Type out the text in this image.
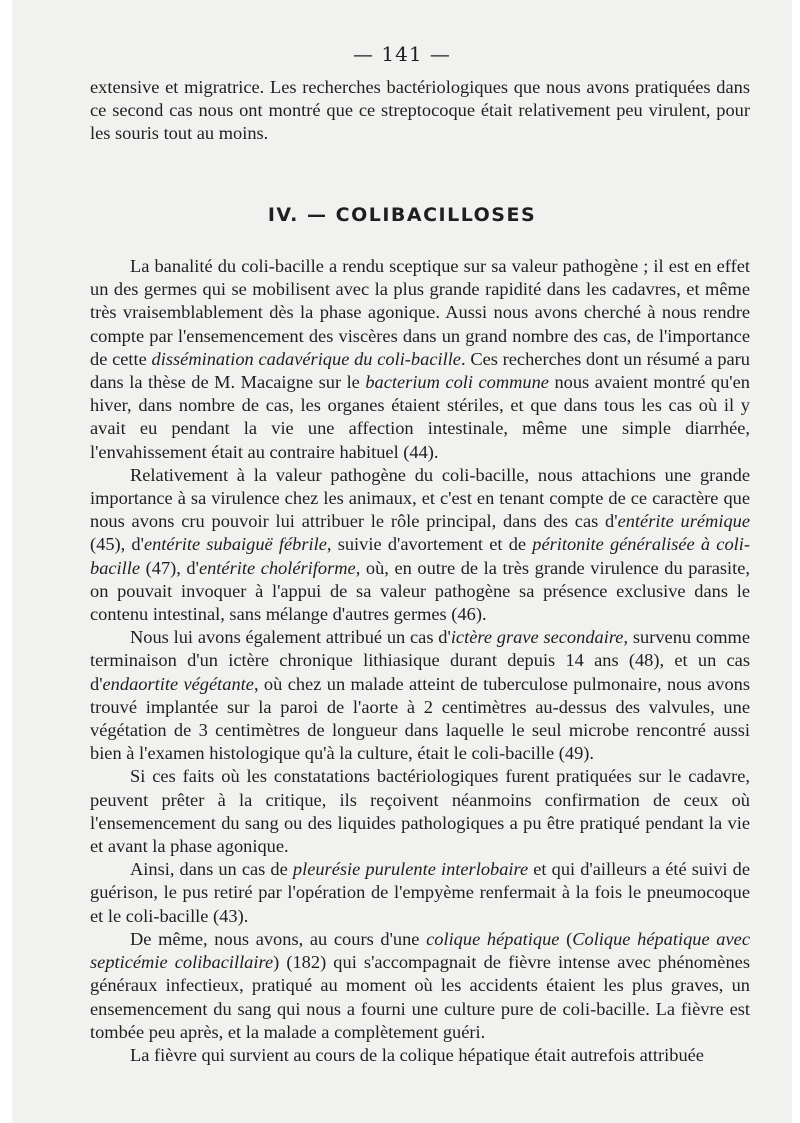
— 141 —

extensive et migratrice. Les recherches bactériologiques que nous avons pratiquées dans ce second cas nous ont montré que ce streptocoque était relativement peu virulent, pour les souris tout au moins.

IV. — COLIBACILLOSES

La banalité du coli-bacille a rendu sceptique sur sa valeur pathogène ; il est en effet un des germes qui se mobilisent avec la plus grande rapidité dans les cadavres, et même très vraisemblablement dès la phase agonique. Aussi nous avons cherché à nous rendre compte par l'ensemencement des viscères dans un grand nombre des cas, de l'importance de cette dissémination cadavérique du coli-bacille. Ces recherches dont un résumé a paru dans la thèse de M. Macaigne sur le bacterium coli commune nous avaient montré qu'en hiver, dans nombre de cas, les organes étaient stériles, et que dans tous les cas où il y avait eu pendant la vie une affection intestinale, même une simple diarrhée, l'envahissement était au contraire habituel (44).

Relativement à la valeur pathogène du coli-bacille, nous attachions une grande importance à sa virulence chez les animaux, et c'est en tenant compte de ce caractère que nous avons cru pouvoir lui attribuer le rôle principal, dans des cas d'entérite urémique (45), d'entérite subaiguë fébrile, suivie d'avortement et de péritonite généralisée à coli-bacille (47), d'entérite cholériforme, où, en outre de la très grande virulence du parasite, on pouvait invoquer à l'appui de sa valeur pathogène sa présence exclusive dans le contenu intestinal, sans mélange d'autres germes (46).

Nous lui avons également attribué un cas d'ictère grave secondaire, survenu comme terminaison d'un ictère chronique lithiasique durant depuis 14 ans (48), et un cas d'endaortite végétante, où chez un malade atteint de tuberculose pulmonaire, nous avons trouvé implantée sur la paroi de l'aorte à 2 centimètres au-dessus des valvules, une végétation de 3 centimètres de longueur dans laquelle le seul microbe rencontré aussi bien à l'examen histologique qu'à la culture, était le coli-bacille (49).

Si ces faits où les constatations bactériologiques furent pratiquées sur le cadavre, peuvent prêter à la critique, ils reçoivent néanmoins confirmation de ceux où l'ensemencement du sang ou des liquides pathologiques a pu être pratiqué pendant la vie et avant la phase agonique.

Ainsi, dans un cas de pleurésie purulente interlobaire et qui d'ailleurs a été suivi de guérison, le pus retiré par l'opération de l'empyème renfermait à la fois le pneumocoque et le coli-bacille (43).

De même, nous avons, au cours d'une colique hépatique (Colique hépatique avec septicémie colibacillaire) (182) qui s'accompagnait de fièvre intense avec phénomènes généraux infectieux, pratiqué au moment où les accidents étaient les plus graves, un ensemencement du sang qui nous a fourni une culture pure de coli-bacille. La fièvre est tombée peu après, et la malade a complètement guéri.

La fièvre qui survient au cours de la colique hépatique était autrefois attribuée
